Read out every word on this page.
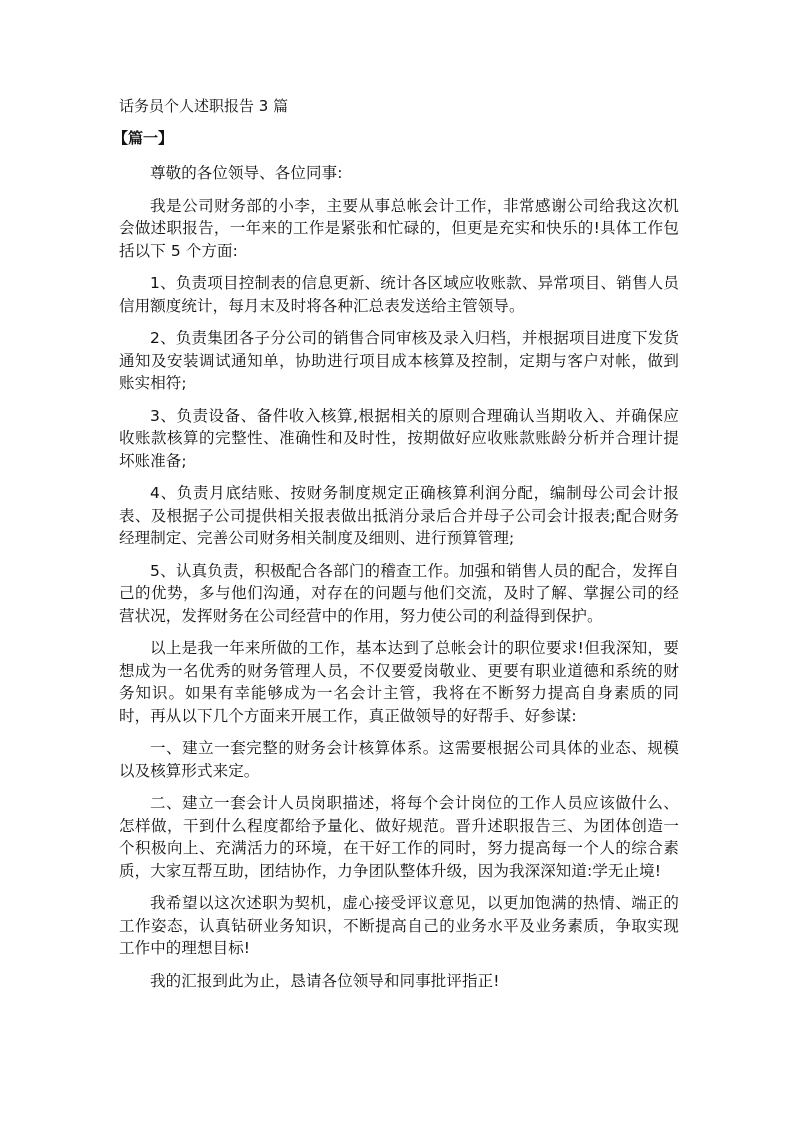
话务员个人述职报告 3 篇
【篇一】

尊敬的各位领导、各位同事:

我是公司财务部的小李，主要从事总帐会计工作，非常感谢公司给我这次机会做述职报告，一年来的工作是紧张和忙碌的，但更是充实和快乐的!具体工作包括以下 5 个方面:

1、负责项目控制表的信息更新、统计各区域应收账款、异常项目、销售人员信用额度统计，每月末及时将各种汇总表发送给主管领导。

2、负责集团各子分公司的销售合同审核及录入归档，并根据项目进度下发货通知及安装调试通知单，协助进行项目成本核算及控制，定期与客户对帐，做到账实相符;

3、负责设备、备件收入核算,根据相关的原则合理确认当期收入、并确保应收账款核算的完整性、准确性和及时性，按期做好应收账款账龄分析并合理计提坏账准备;

4、负责月底结账、按财务制度规定正确核算利润分配，编制母公司会计报表、及根据子公司提供相关报表做出抵消分录后合并母子公司会计报表;配合财务经理制定、完善公司财务相关制度及细则、进行预算管理;

5、认真负责，积极配合各部门的稽查工作。加强和销售人员的配合，发挥自己的优势，多与他们沟通，对存在的问题与他们交流，及时了解、掌握公司的经营状况，发挥财务在公司经营中的作用，努力使公司的利益得到保护。

以上是我一年来所做的工作，基本达到了总帐会计的职位要求!但我深知，要想成为一名优秀的财务管理人员，不仅要爱岗敬业、更要有职业道德和系统的财务知识。如果有幸能够成为一名会计主管，我将在不断努力提高自身素质的同时，再从以下几个方面来开展工作，真正做领导的好帮手、好参谋:

一、建立一套完整的财务会计核算体系。这需要根据公司具体的业态、规模以及核算形式来定。

二、建立一套会计人员岗职描述，将每个会计岗位的工作人员应该做什么、怎样做，干到什么程度都给予量化、做好规范。晋升述职报告三、为团体创造一个积极向上、充满活力的环境，在干好工作的同时，努力提高每一个人的综合素质，大家互帮互助，团结协作，力争团队整体升级，因为我深深知道:学无止境!

我希望以这次述职为契机，虚心接受评议意见，以更加饱满的热情、端正的工作姿态，认真钻研业务知识，不断提高自己的业务水平及业务素质，争取实现工作中的理想目标!

我的汇报到此为止，恳请各位领导和同事批评指正!
